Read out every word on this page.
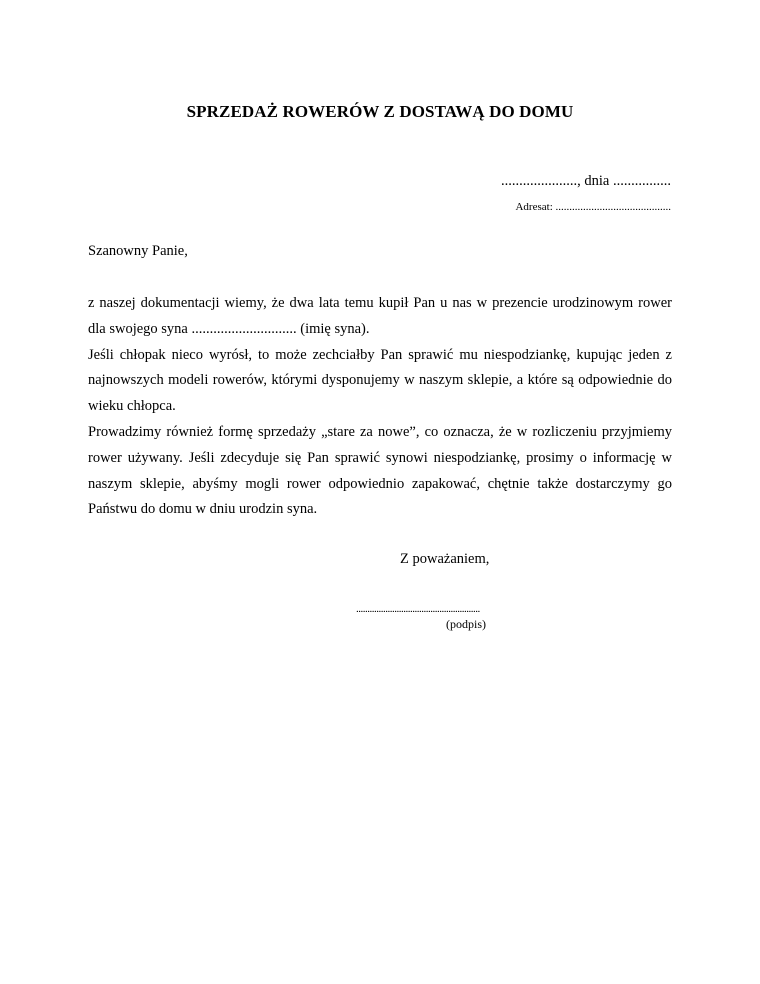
SPRZEDAŻ ROWERÓW Z DOSTAWĄ DO DOMU
....................., dnia ................
Adresat: ..........................................
Szanowny Panie,

z naszej dokumentacji wiemy, że dwa lata temu kupił Pan u nas w prezencie urodzinowym rower dla swojego syna ............................. (imię syna).

Jeśli chłopak nieco wyrósł, to może zechciałby Pan sprawić mu niespodziankę, kupując jeden z najnowszych modeli rowerów, którymi dysponujemy w naszym sklepie, a które są odpowiednie do wieku chłopca.

Prowadzimy również formę sprzedaży „stare za nowe”, co oznacza, że w rozliczeniu przyjmiemy rower używany. Jeśli zdecyduje się Pan sprawić synowi niespodziankę, prosimy o informację w naszym sklepie, abyśmy mogli rower odpowiednio zapakować, chętnie także dostarczymy go Państwu do domu w dniu urodzin syna.

Z poważaniem,
.......................................................
(podpis)
